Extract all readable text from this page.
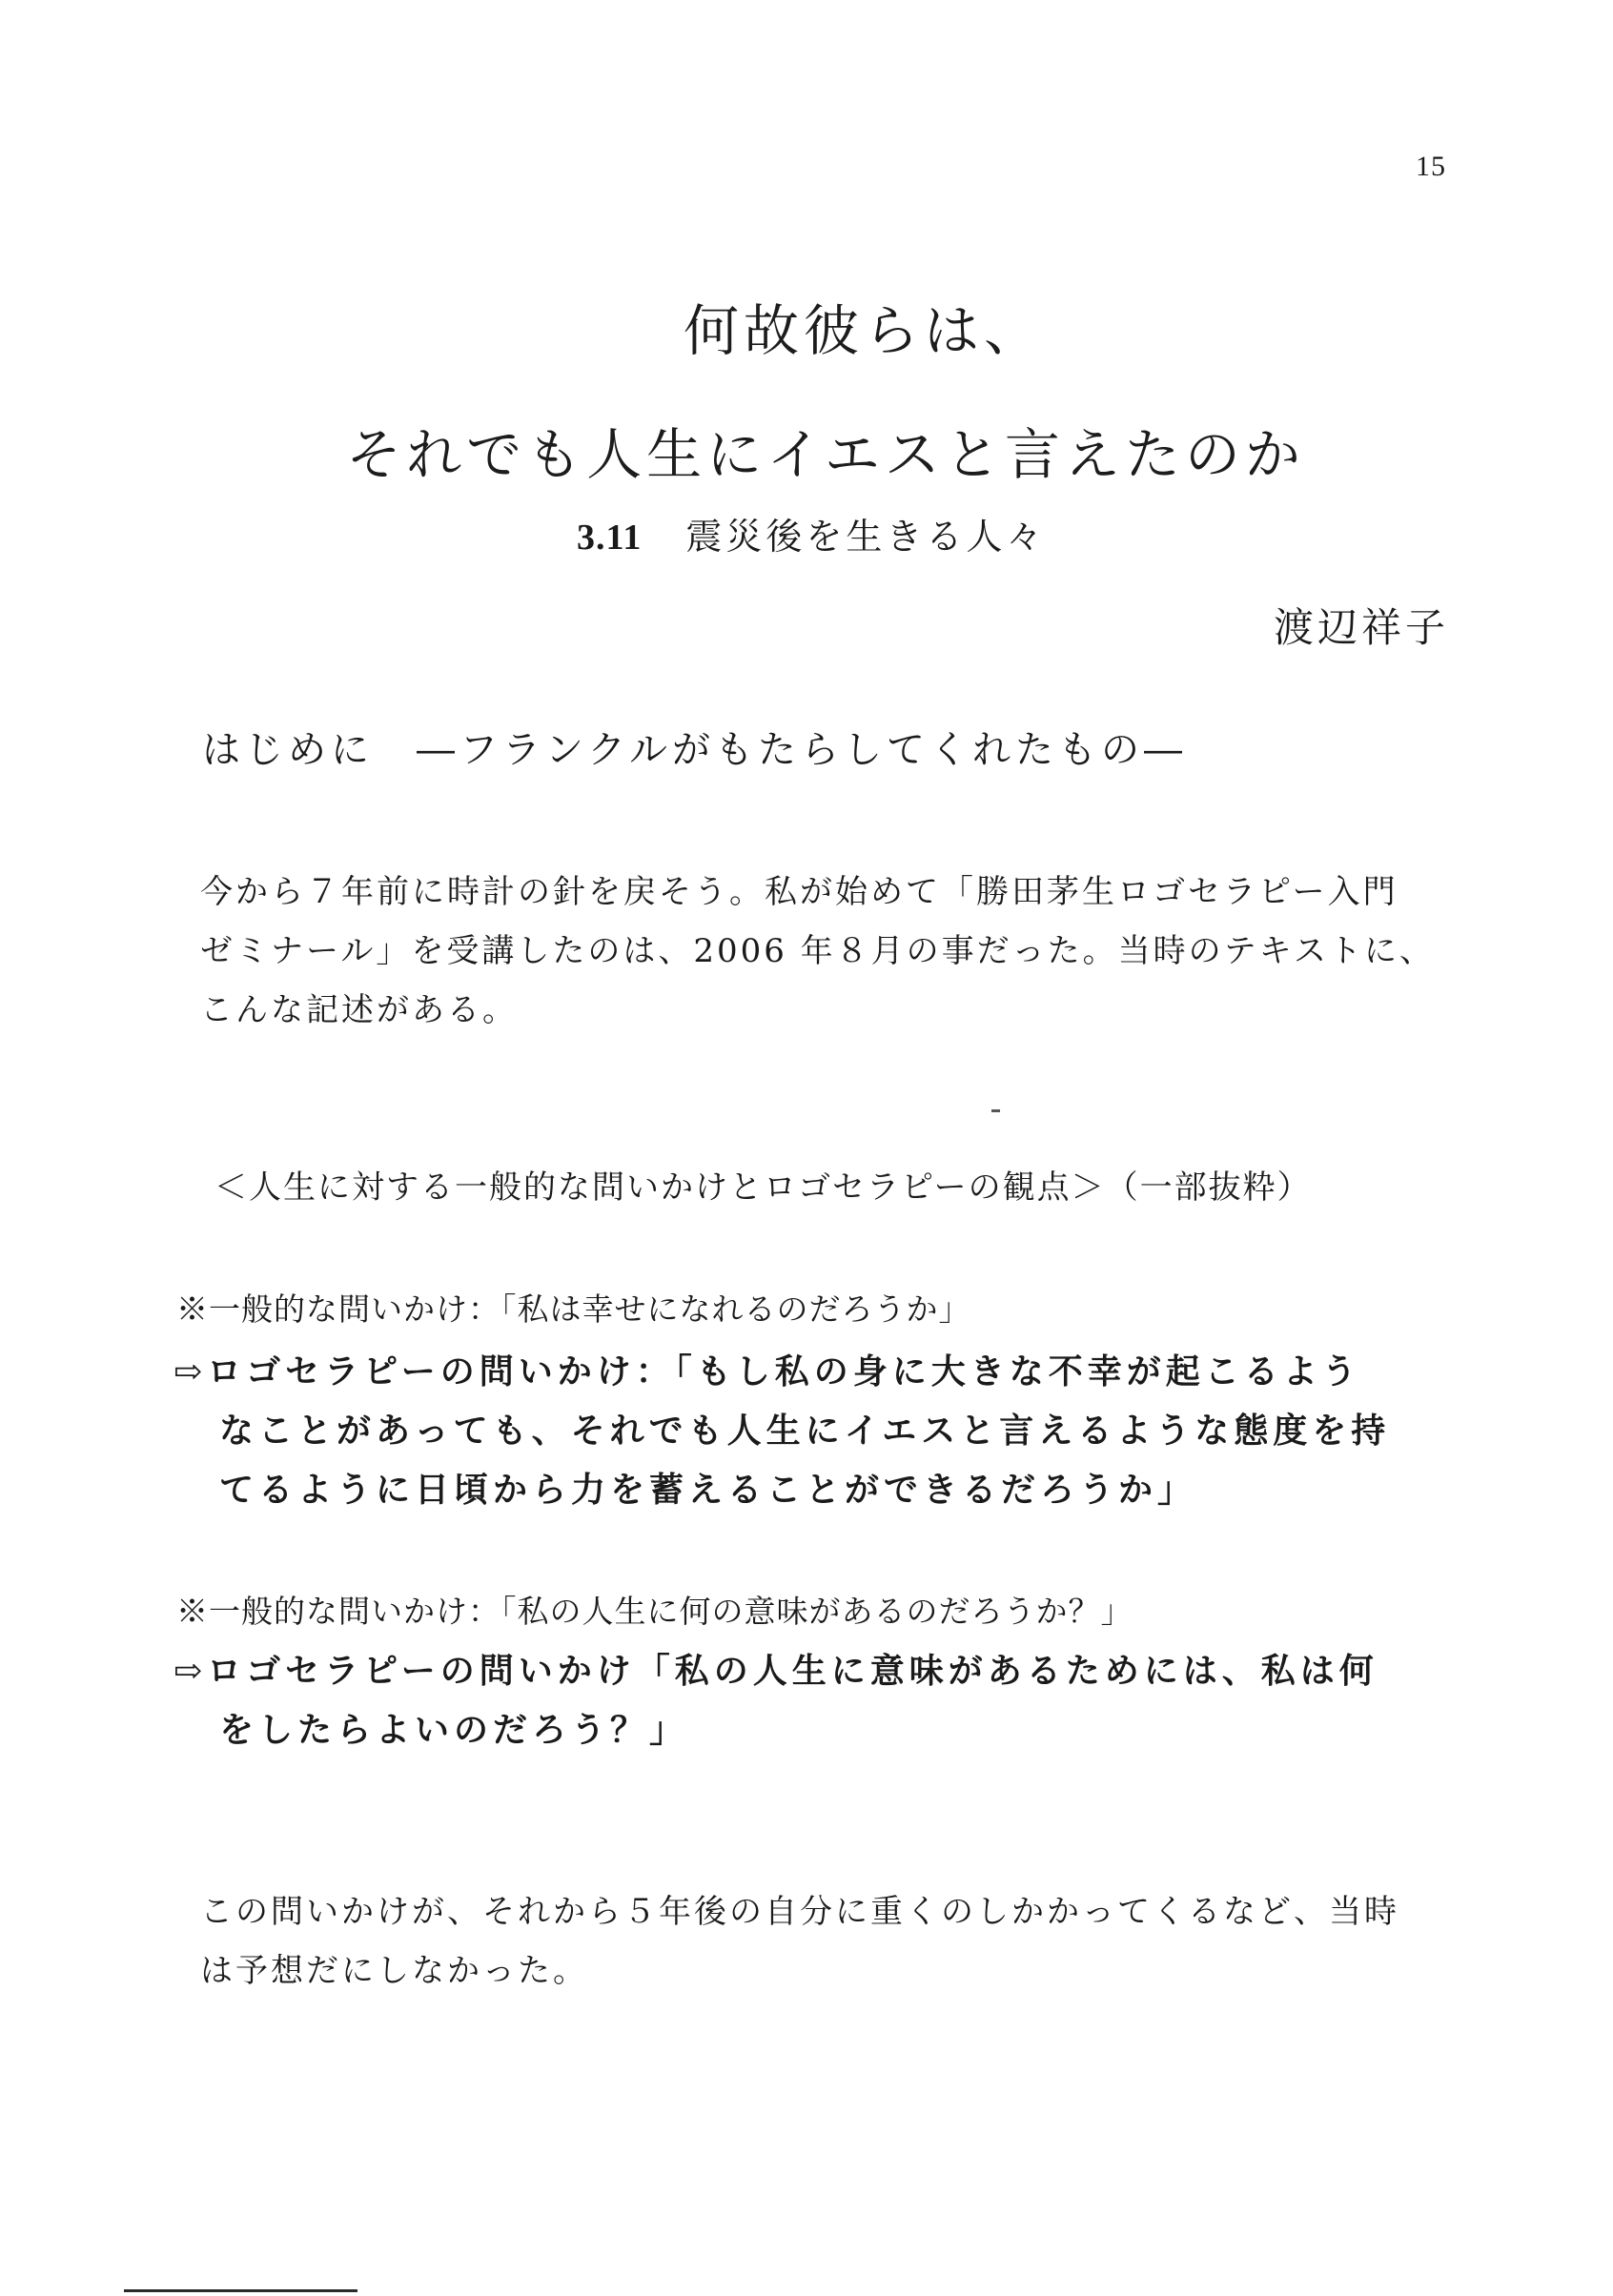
15
何故彼らは、
それでも人生にイエスと言えたのか
3.11 震災後を生きる人々
渡辺祥子
はじめに　―フランクルがもたらしてくれたもの―
今から７年前に時計の針を戻そう。私が始めて「勝田茅生ロゴセラピー入門
ゼミナール」を受講したのは、2006 年８月の事だった。当時のテキストに、
こんな記述がある。
＜人生に対する一般的な問いかけとロゴセラピーの観点＞（一部抜粋）
※一般的な問いかけ：「私は幸せになれるのだろうか」
⇨ロゴセラピーの問いかけ：「もし私の身に大きな不幸が起こるよう
なことがあっても、それでも人生にイエスと言えるような態度を持
てるように日頃から力を蓄えることができるだろうか」
※一般的な問いかけ：「私の人生に何の意味があるのだろうか？」
⇨ロゴセラピーの問いかけ「私の人生に意味があるためには、私は何
をしたらよいのだろう？」
この問いかけが、それから５年後の自分に重くのしかかってくるなど、当時
は予想だにしなかった。
